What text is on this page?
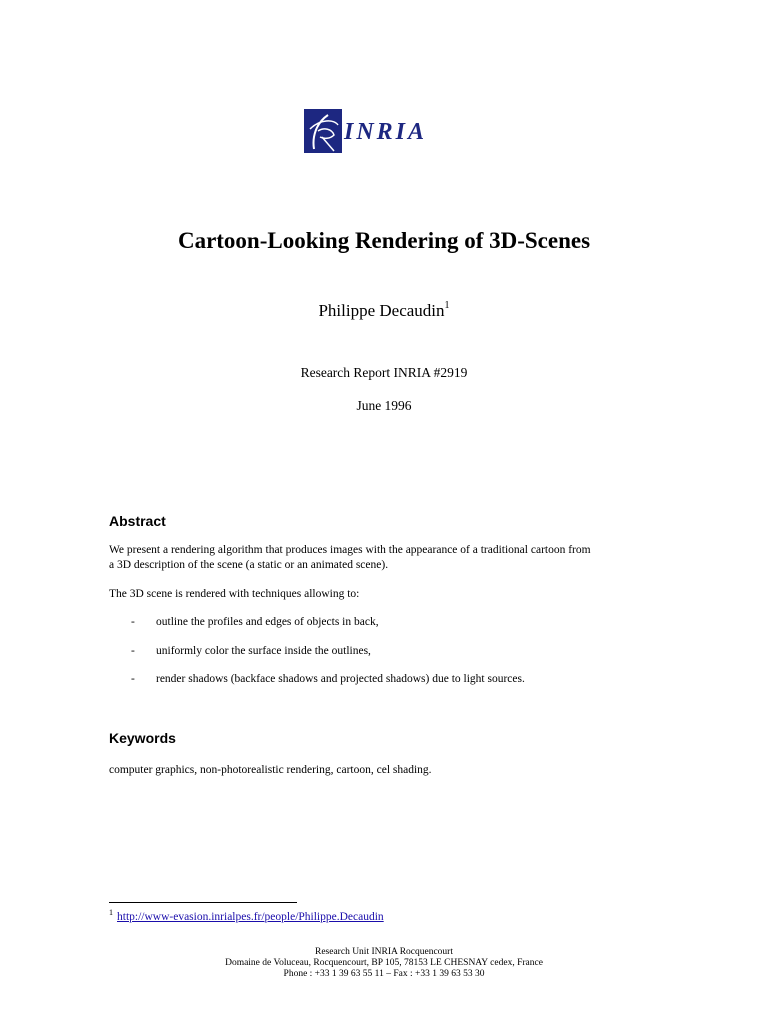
INRIA
Cartoon-Looking Rendering of 3D-Scenes
Philippe Decaudin$^1$
Research Report INRIA #2919
June 1996
Abstract

We present a rendering algorithm that produces images with the appearance of a traditional cartoon from

a 3D description of the scene (a static or an animated scene).

The 3D scene is rendered with techniques allowing to:

- outline the profiles and edges of objects in back,
- uniformly color the surface inside the outlines,
- render shadows (backface shadows and projected shadows) due to light sources.
Keywords

computer graphics, non-photorealistic rendering, cartoon, cel shading.

$^1$ http://www-evasion.inrialpes.fr/people/Philippe.Decaudin
Research Unit INRIA Rocquencourt
Domaine de Voluceau, Rocquencourt, BP 105, 78153 LE CHESNAY cedex, France
Phone : +33 1 39 63 55 11 – Fax : +33 1 39 63 53 30
